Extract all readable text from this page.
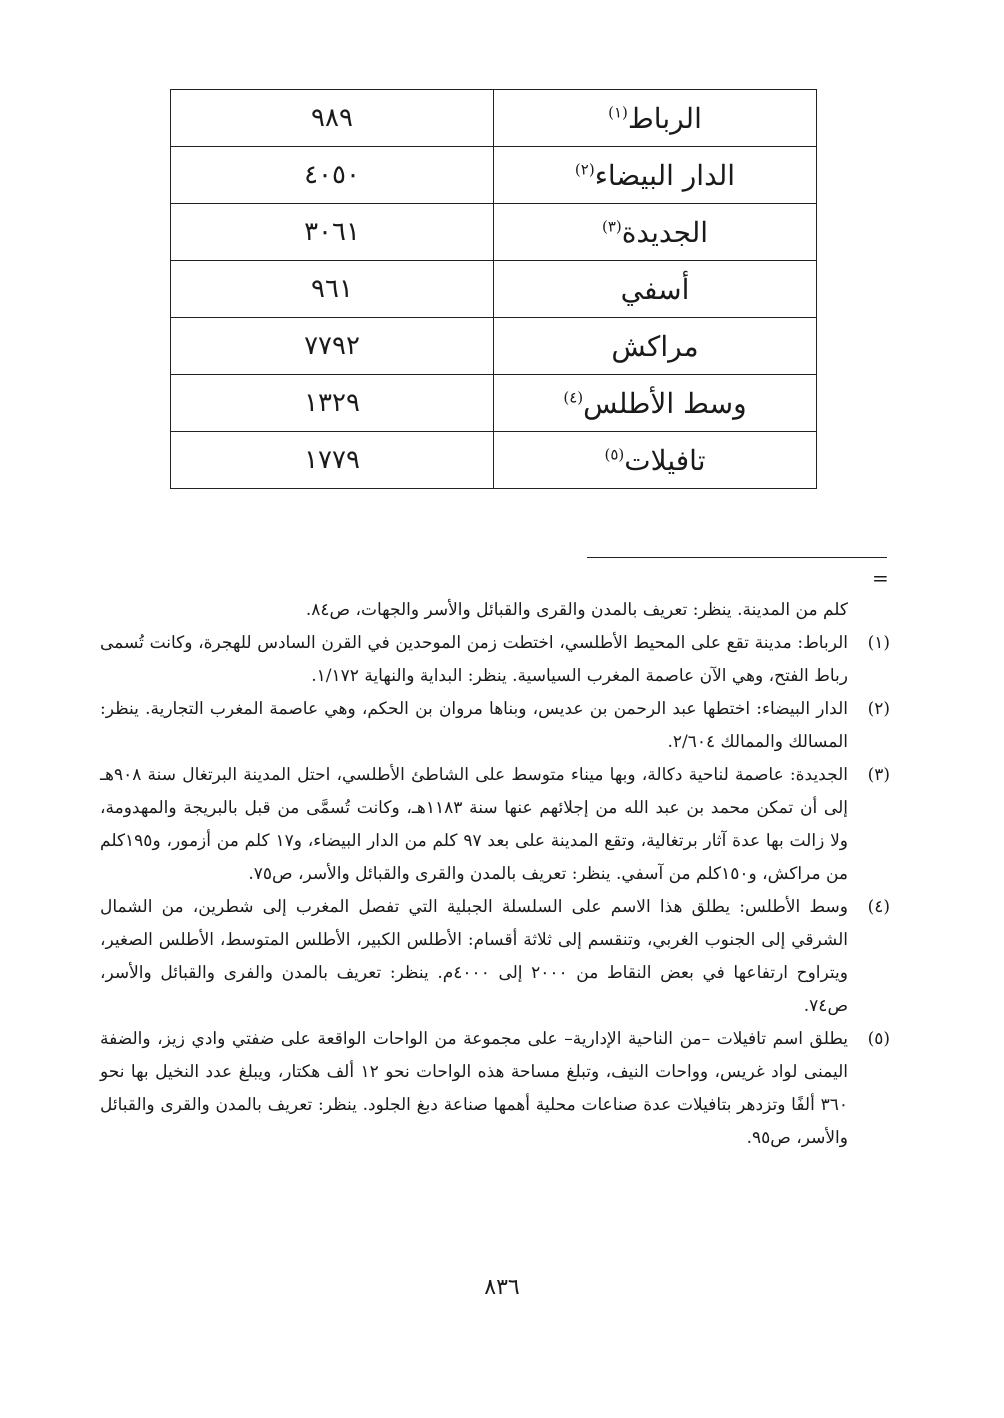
الرباط$^{(١)}$	٩٨٩
الدار البيضاء$^{(٢)}$	٤٠٥٠
الجديدة$^{(٣)}$	٣٠٦١
أسفي	٩٦١
مراكش	٧٧٩٢
وسط الأطلس$^{(٤)}$	١٣٢٩
تافيلات$^{(٥)}$	١٧٧٩
=
كلم من المدينة. ينظر: تعريف بالمدن والقرى والقبائل والأسر والجهات، ص٨٤.
(١)
الرباط: مدينة تقع على المحيط الأطلسي، اختطت زمن الموحدين في القرن السادس للهجرة، وكانت تُسمى رباط الفتح، وهي الآن عاصمة المغرب السياسية. ينظر: البداية والنهاية ١/١٧٢.
(٢)
الدار البيضاء: اختطها عبد الرحمن بن عديس، وبناها مروان بن الحكم، وهي عاصمة المغرب التجارية. ينظر: المسالك والممالك ٢/٦٠٤.
(٣)
الجديدة: عاصمة لناحية دكالة، وبها ميناء متوسط على الشاطئ الأطلسي، احتل المدينة البرتغال سنة ٩٠٨هـ إلى أن تمكن محمد بن عبد الله من إجلائهم عنها سنة ١١٨٣هـ، وكانت تُسمَّى من قبل بالبريجة والمهدومة، ولا زالت بها عدة آثار برتغالية، وتقع المدينة على بعد ٩٧ كلم من الدار البيضاء، و١٧ كلم من أزمور، و١٩٥كلم من مراكش، و١٥٠كلم من آسفي. ينظر: تعريف بالمدن والقرى والقبائل والأسر، ص٧٥.
(٤)
وسط الأطلس: يطلق هذا الاسم على السلسلة الجبلية التي تفصل المغرب إلى شطرين، من الشمال الشرقي إلى الجنوب الغربي، وتنقسم إلى ثلاثة أقسام: الأطلس الكبير، الأطلس المتوسط، الأطلس الصغير، ويتراوح ارتفاعها في بعض النقاط من ٢٠٠٠ إلى ٤٠٠٠م. ينظر: تعريف بالمدن والفرى والقبائل والأسر، ص٧٤.
(٥)
يطلق اسم تافيلات –من الناحية الإدارية– على مجموعة من الواحات الواقعة على ضفتي وادي زيز، والضفة اليمنى لواد غريس، وواحات النيف، وتبلغ مساحة هذه الواحات نحو ١٢ ألف هكتار، ويبلغ عدد النخيل بها نحو ٣٦٠ ألفًا وتزدهر بتافيلات عدة صناعات محلية أهمها صناعة دبغ الجلود. ينظر: تعريف بالمدن والقرى والقبائل والأسر، ص٩٥.
٨٣٦
